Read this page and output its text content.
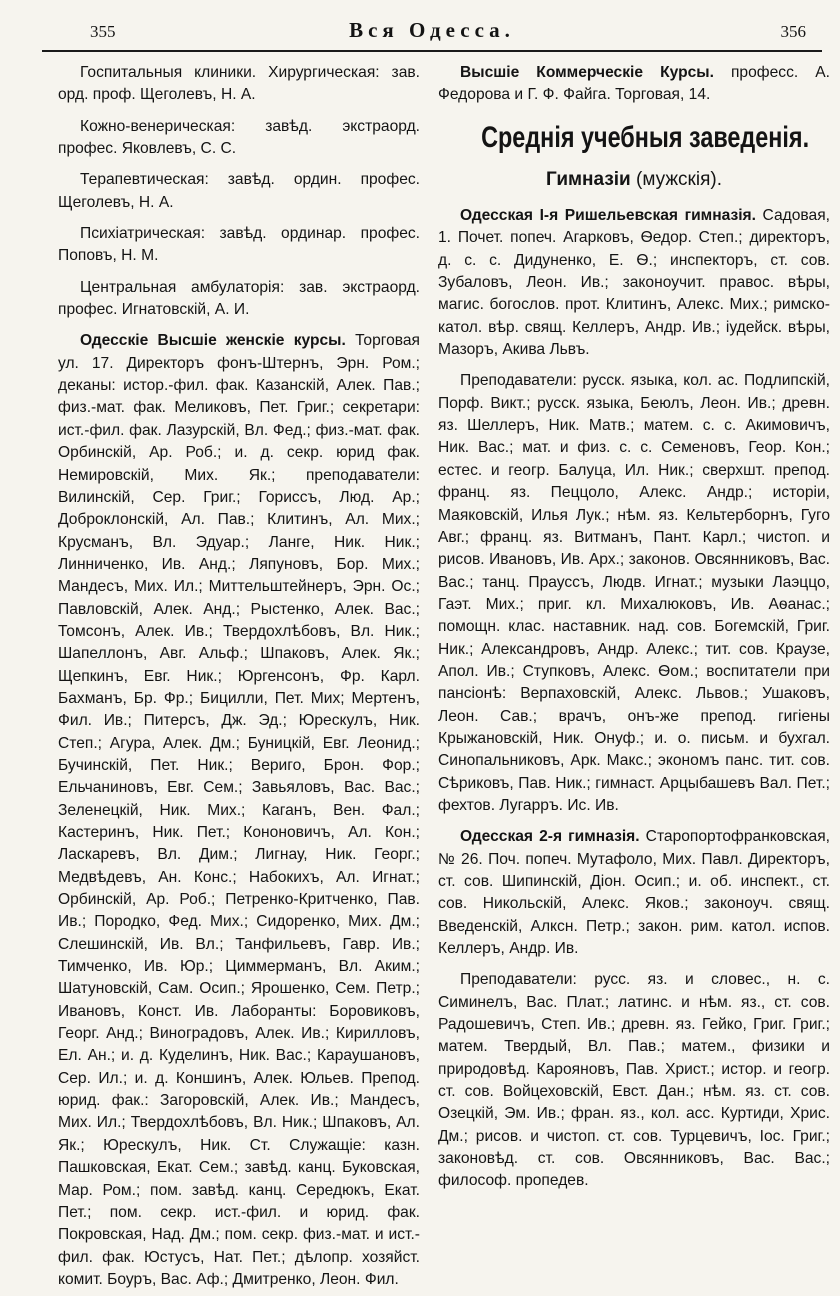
355	Вся Одесса.	356

Госпитальныя клиники. Хирургическая: зав. орд. проф. Щеголевъ, Н. А.

Кожно-венерическая: завѣд. экстраорд. профес. Яковлевъ, С. С.

Терапевтическая: завѣд. ордин. профес. Щеголевъ, Н. А.

Психiатрическая: завѣд. ординар. профес. Поповъ, Н. М.

Центральная амбулаторiя: зав. экстраорд. профес. Игнатовскiй, А. И.

Одесскiе Высшiе женскiе курсы. Торговая ул. 17. Директоръ фонъ-Штернъ, Эрн. Ром.; деканы: истор.-фил. фак. Казанскiй, Алек. Пав.; физ.-мат. фак. Меликовъ, Пет. Григ.; секретари: ист.-фил. фак. Лазурскiй, Вл. Фед.; физ.-мат. фак. Орбинскiй, Ар. Роб.; и. д. секр. юрид фак. Немировскiй, Мих. Як.; преподаватели: Вилинскiй, Сер. Григ.; Гориссъ, Люд. Ар.; Доброклонскiй, Ал. Пав.; Клитинъ, Ал. Мих.; Крусманъ, Вл. Эдуар.; Ланге, Ник. Ник.; Линниченко, Ив. Анд.; Ляпуновъ, Бор. Мих.; Мандесъ, Мих. Ил.; Миттельштейнеръ, Эрн. Ос.; Павловскiй, Алек. Анд.; Рыстенко, Алек. Вас.; Томсонъ, Алек. Ив.; Твердохлѣбовъ, Вл. Ник.; Шапеллонъ, Авг. Альф.; Шпаковъ, Алек. Як.; Щепкинъ, Евг. Ник.; Юргенсонъ, Фр. Карл. Бахманъ, Бр. Фр.; Бицилли, Пет. Мих; Мертенъ, Фил. Ив.; Питерсъ, Дж. Эд.; Юрескулъ, Ник. Степ.; Агура, Алек. Дм.; Буницкiй, Евг. Леонид.; Бучинскiй, Пет. Ник.; Вериго, Брон. Фор.; Ельчаниновъ, Евг. Сем.; Завьяловъ, Вас. Вас.; Зеленецкiй, Ник. Мих.; Каганъ, Вен. Фал.; Кастеринъ, Ник. Пет.; Кононовичъ, Ал. Кон.; Ласкаревъ, Вл. Дим.; Лигнау, Ник. Георг.; Медвѣдевъ, Ан. Конс.; Набокихъ, Ал. Игнат.; Орбинскiй, Ар. Роб.; Петренко-Критченко, Пав. Ив.; Породко, Фед. Мих.; Сидоренко, Мих. Дм.; Слешинскiй, Ив. Вл.; Танфильевъ, Гавр. Ив.; Тимченко, Ив. Юр.; Циммерманъ, Вл. Аким.; Шатуновскiй, Сам. Осип.; Ярошенко, Сем. Петр.; Ивановъ, Конст. Ив. Лаборанты: Боровиковъ, Георг. Анд.; Виноградовъ, Алек. Ив.; Кирилловъ, Ел. Ан.; и. д. Куделинъ, Ник. Вас.; Караушановъ, Сер. Ил.; и. д. Коншинъ, Алек. Юльев. Препод. юрид. фак.: Загоровскiй, Алек. Ив.; Мандесъ, Мих. Ил.; Твердохлѣбовъ, Вл. Ник.; Шпаковъ, Ал. Як.; Юрескулъ, Ник. Ст. Служащiе: казн. Пашковская, Екат. Сем.; завѣд. канц. Буковская, Мар. Ром.; пом. завѣд. канц. Середюкъ, Екат. Пет.; пом. секр. ист.-фил. и юрид. фак. Покровская, Над. Дм.; пом. секр. физ.-мат. и ист.-фил. фак. Юстусъ, Нат. Пет.; дѣлопр. хозяйст. комит. Боуръ, Вас. Аф.; Дмитренко, Леон. Фил.

Высшiе Коммерческiе Курсы. професс. А. Федорова и Г. Ф. Файга. Торговая, 14.

Среднiя учебныя заведенiя.
Гимназiи (мужскiя).

Одесская I-я Ришельевская гимназiя. Садовая, 1. Почет. попеч. Агарковъ, Ѳедор. Степ.; директоръ, д. с. с. Дидуненко, Е. Ѳ.; инспекторъ, ст. сов. Зубаловъ, Леон. Ив.; законоучит. правос. вѣры, магис. богослов. прот. Клитинъ, Алекс. Мих.; римско-катол. вѣр. свящ. Келлеръ, Андр. Ив.; iудейск. вѣры, Мазоръ, Акива Львъ.

Преподаватели: русск. языка, кол. ас. Подлипскiй, Порф. Викт.; русск. языка, Беюлъ, Леон. Ив.; древн. яз. Шеллеръ, Ник. Матв.; матем. с. с. Акимовичъ, Ник. Вас.; мат. и физ. с. с. Семеновъ, Геор. Кон.; естес. и геогр. Балуца, Ил. Ник.; сверхшт. препод. франц. яз. Пеццоло, Алекс. Андр.; исторiи, Маяковскiй, Илья Лук.; нѣм. яз. Кельтерборнъ, Гуго Авг.; франц. яз. Витманъ, Пант. Карл.; чистоп. и рисов. Ивановъ, Ив. Арх.; законов. Овсянниковъ, Вас. Вас.; танц. Праусcъ, Людв. Игнат.; музыки Лаэццо, Гаэт. Мих.; приг. кл. Михалюковъ, Ив. Аѳанас.; помощн. клас. наставник. над. сов. Богемскiй, Григ. Ник.; Александровъ, Андр. Алекс.; тит. сов. Краузе, Апол. Ив.; Ступковъ, Алекс. Ѳом.; воспитатели при пансiонѣ: Верпаховскiй, Алекс. Львов.; Ушаковъ, Леон. Сав.; врачъ, онъ-же препод. гигiены Крыжановскiй, Ник. Онуф.; и. о. письм. и бухгал. Синопальниковъ, Арк. Макс.; экономъ панс. тит. сов. Сѣриковъ, Пав. Ник.; гимнаст. Арцыбашевъ Вал. Пет.; фехтов. Лугарръ. Ис. Ив.

Одесская 2-я гимназiя. Старопортофранковская, № 26. Поч. попеч. Мутафоло, Мих. Павл. Директоръ, ст. сов. Шипинскiй, Дiон. Осип.; и. об. инспект., ст. сов. Никольскiй, Алекс. Яков.; законоуч. свящ. Введенскiй, Алксн. Петр.; закон. рим. катол. испов. Келлеръ, Андр. Ив.

Преподаватели: русс. яз. и словес., н. с. Симинелъ, Вас. Плат.; латинс. и нѣм. яз., ст. сов. Радошевичъ, Степ. Ив.; древн. яз. Гейко, Григ. Григ.; матем. Твердый, Вл. Пав.; матем., физики и природовѣд. Карояновъ, Пав. Христ.; истор. и геогр. ст. сов. Войцеховскiй, Евст. Дан.; нѣм. яз. ст. сов. Озецкiй, Эм. Ив.; фран. яз., кол. асс. Куртиди, Хрис. Дм.; рисов. и чистоп. ст. сов. Турцевичъ, Iос. Григ.; законовѣд. ст. сов. Овсянниковъ, Вас. Вас.; философ. пропедев.
